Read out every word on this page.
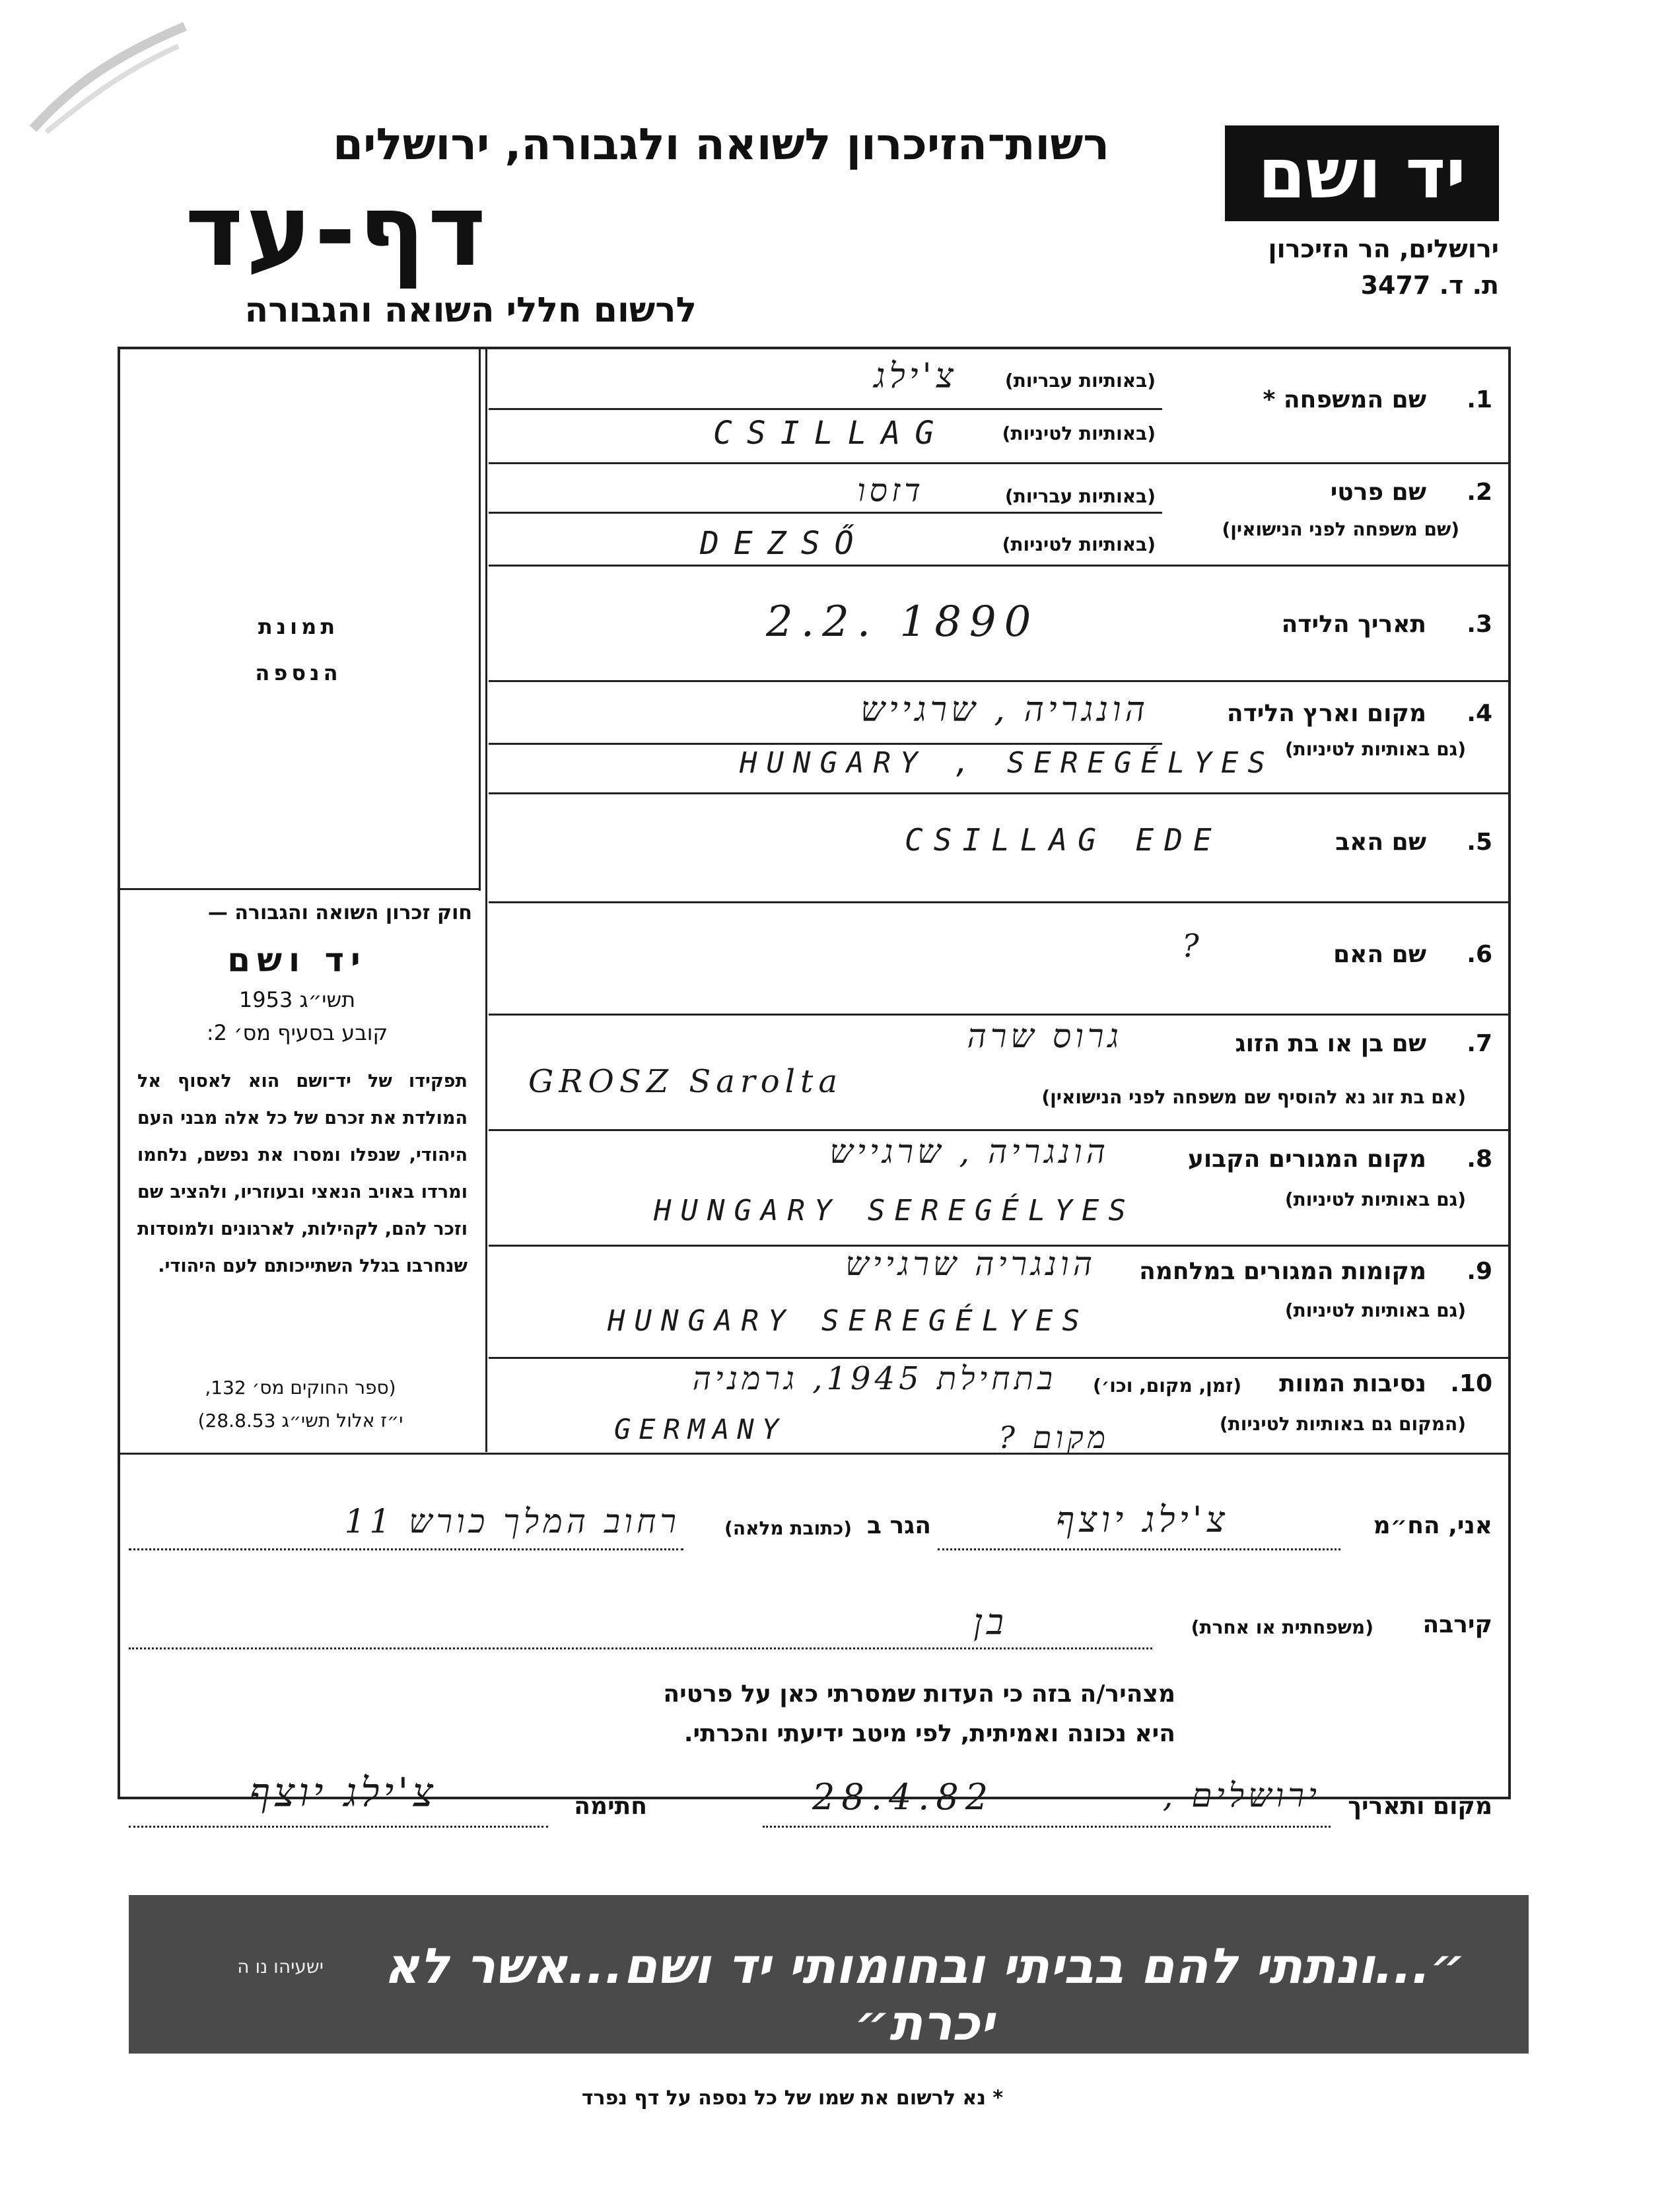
רשות־הזיכרון לשואה ולגבורה, ירושלים
דף-עד
לרשום חללי השואה והגבורה
יד ושם
ירושלים, הר הזיכרון
ת. ד. 3477
תמונת
הנספה
חוק זכרון השואה והגבורה —
יד ושם
תשי״ג 1953
קובע בסעיף מס׳ 2:
תפקידו של יד־ושם הוא לאסוף אל המולדת את זכרם של כל אלה מבני העם היהודי, שנפלו ומסרו את נפשם, נלחמו ומרדו באויב הנאצי ובעוזריו, ולהציב שם וזכר להם, לקהילות, לארגונים ולמוסדות שנחרבו בגלל השתייכותם לעם היהודי.
(ספר החוקים מס׳ 132,
י״ז אלול תשי״ג 28.8.53)
1.
שם המשפחה *
(באותיות עבריות)
(באותיות לטיניות)
צ'ילג
CSILLAG
2.
שם פרטי
(שם משפחה לפני הנישואין)
(באותיות עבריות)
(באותיות לטיניות)
דזסו
DEZSŐ
3.
תאריך הלידה
2.2. 1890
4.
מקום וארץ הלידה
(גם באותיות לטיניות)
הונגריה , שרגייש
HUNGARY , SEREGÉLYES
5.
שם האב
CSILLAG EDE
6.
שם האם
?
7.
שם בן או בת הזוג
(אם בת זוג נא להוסיף שם משפחה לפני הנישואין)
גרוס שרה
GROSZ Sarolta
8.
מקום המגורים הקבוע
(גם באותיות לטיניות)
הונגריה , שרגייש
HUNGARY SEREGÉLYES
9.
מקומות המגורים במלחמה
(גם באותיות לטיניות)
הונגריה שרגייש
HUNGARY SEREGÉLYES
10.
נסיבות המוות
(זמן, מקום, וכו׳)
(המקום גם באותיות לטיניות)
בתחילת 1945, גרמניה
GERMANY	מקום ?
אני, הח״מ
צ'ילג יוצף
הגר ב
(כתובת מלאה)
רחוב המלך כורש 11
קירבה
(משפחתית או אחרת)
בן
מצהיר/ה בזה כי העדות שמסרתי כאן על פרטיה
היא נכונה ואמיתית, לפי מיטב ידיעתי והכרתי.
מקום ותאריך
ירושלים ,
28.4.82
חתימה
צ'ילג יוצף
״...ונתתי להם בביתי ובחומותי יד ושם...אשר לא יכרת״
ישעיהו נו ה
* נא לרשום את שמו של כל נספה על דף נפרד
